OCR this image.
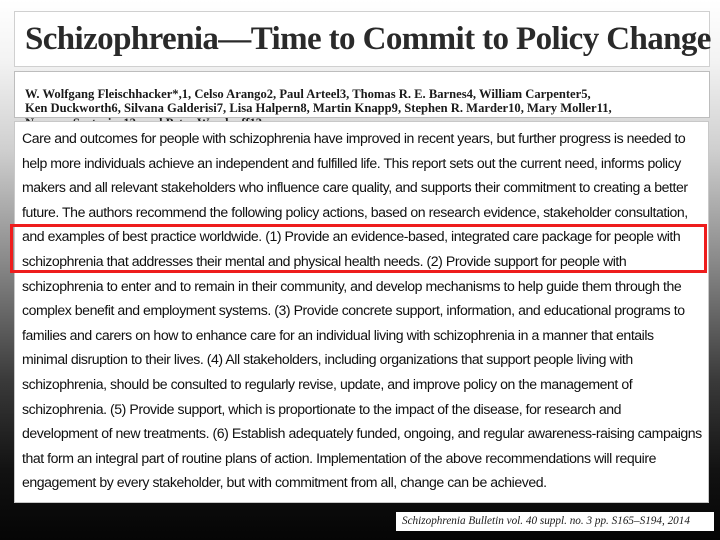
Schizophrenia—Time to Commit to Policy Change

W. Wolfgang Fleischhacker*,1, Celso Arango2, Paul Arteel3, Thomas R. E. Barnes4, William Carpenter5,
Ken Duckworth6, Silvana Galderisi7, Lisa Halpern8, Martin Knapp9, Stephen R. Marder10, Mary Moller11,

Care and outcomes for people with schizophrenia have improved in recent years, but further progress is needed to
help more individuals achieve an independent and fulfilled life. This report sets out the current need, informs policy
makers and all relevant stakeholders who influence care quality, and supports their commitment to creating a better
future. The authors recommend the following policy actions, based on research evidence, stakeholder consultation,
and examples of best practice worldwide. (1) Provide an evidence-based, integrated care package for people with
schizophrenia that addresses their mental and physical health needs. (2) Provide support for people with
schizophrenia to enter and to remain in their community, and develop mechanisms to help guide them through the
complex benefit and employment systems. (3) Provide concrete support, information, and educational programs to
families and carers on how to enhance care for an individual living with schizophrenia in a manner that entails
minimal disruption to their lives. (4) All stakeholders, including organizations that support people living with
schizophrenia, should be consulted to regularly revise, update, and improve policy on the management of
schizophrenia. (5) Provide support, which is proportionate to the impact of the disease, for research and
development of new treatments. (6) Establish adequately funded, ongoing, and regular awareness-raising campaigns
that form an integral part of routine plans of action. Implementation of the above recommendations will require
engagement by every stakeholder, but with commitment from all, change can be achieved.

Schizophrenia Bulletin vol. 40 suppl. no. 3 pp. S165–S194, 2014
